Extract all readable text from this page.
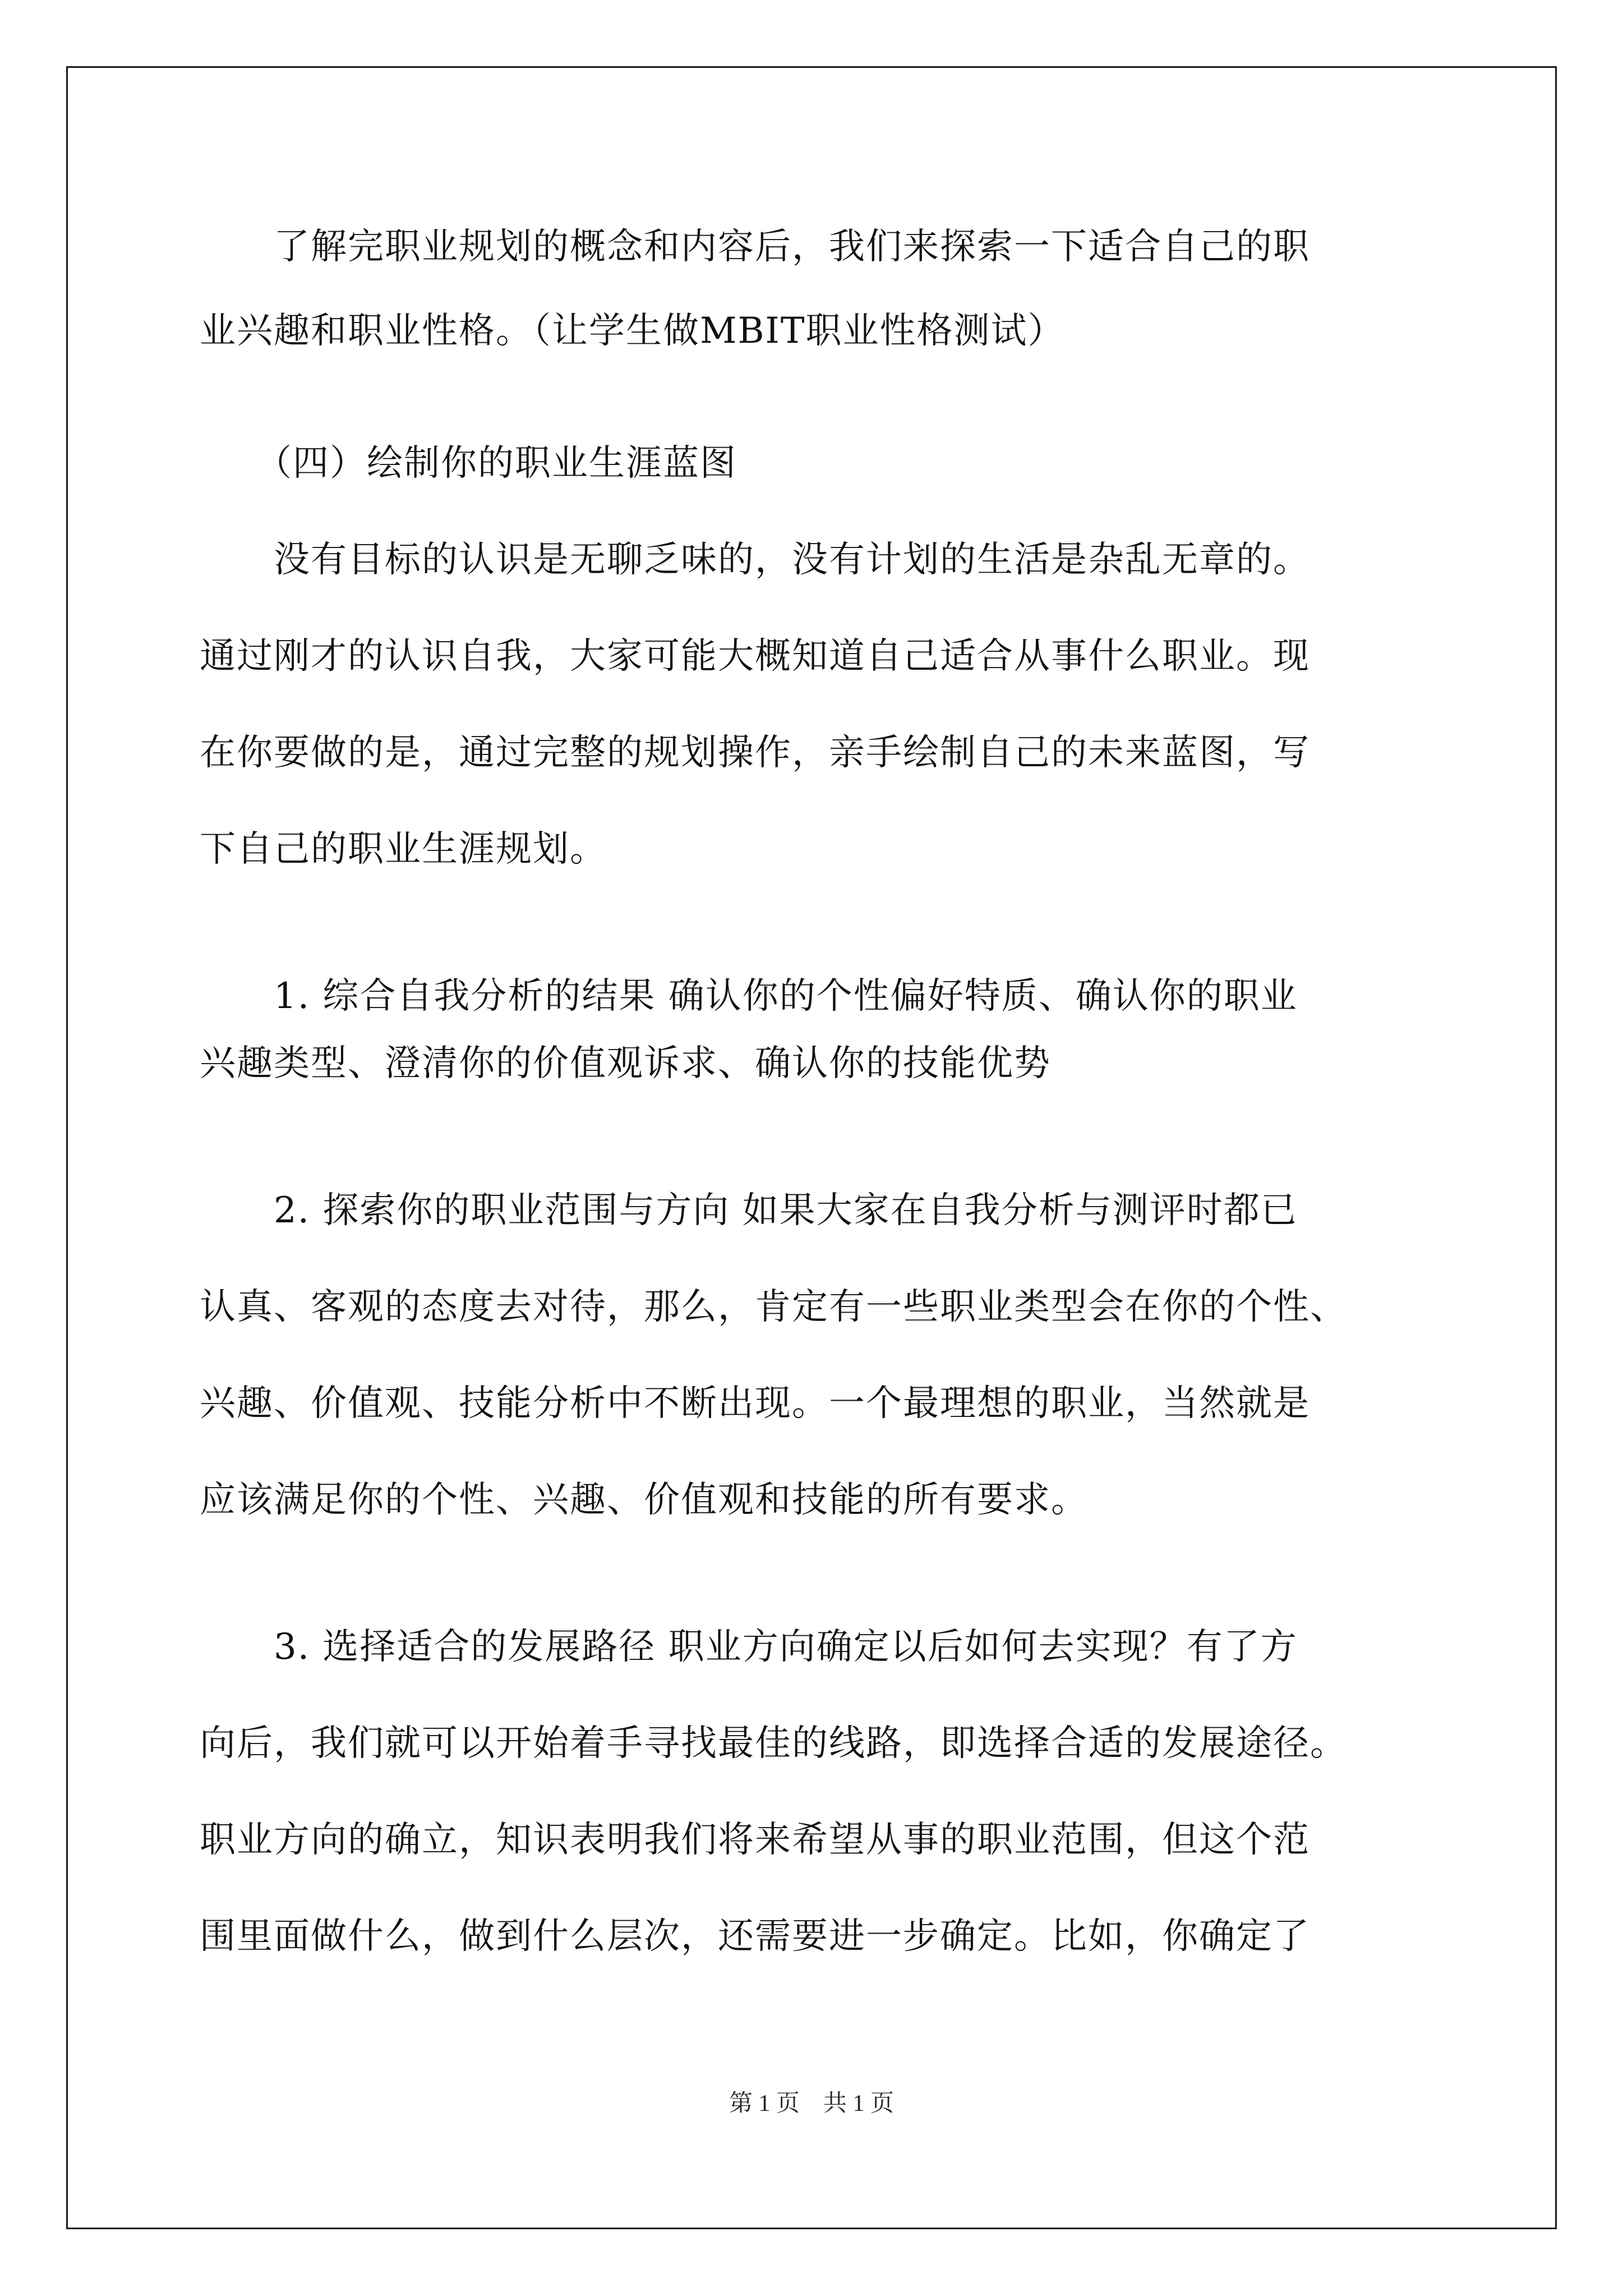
　　了解完职业规划的概念和内容后，我们来探索一下适合自己的职
业兴趣和职业性格。（让学生做MBIT职业性格测试）
　　（四）绘制你的职业生涯蓝图
　　没有目标的认识是无聊乏味的，没有计划的生活是杂乱无章的。
通过刚才的认识自我，大家可能大概知道自己适合从事什么职业。现
在你要做的是，通过完整的规划操作，亲手绘制自己的未来蓝图，写
下自己的职业生涯规划。
　　1. 综合自我分析的结果 确认你的个性偏好特质、确认你的职业
兴趣类型、澄清你的价值观诉求、确认你的技能优势
　　2. 探索你的职业范围与方向 如果大家在自我分析与测评时都已
认真、客观的态度去对待，那么，肯定有一些职业类型会在你的个性、
兴趣、价值观、技能分析中不断出现。一个最理想的职业，当然就是
应该满足你的个性、兴趣、价值观和技能的所有要求。
　　3. 选择适合的发展路径 职业方向确定以后如何去实现？有了方
向后，我们就可以开始着手寻找最佳的线路，即选择合适的发展途径。
职业方向的确立，知识表明我们将来希望从事的职业范围，但这个范
围里面做什么，做到什么层次，还需要进一步确定。比如，你确定了
第 1 页　共 1 页
